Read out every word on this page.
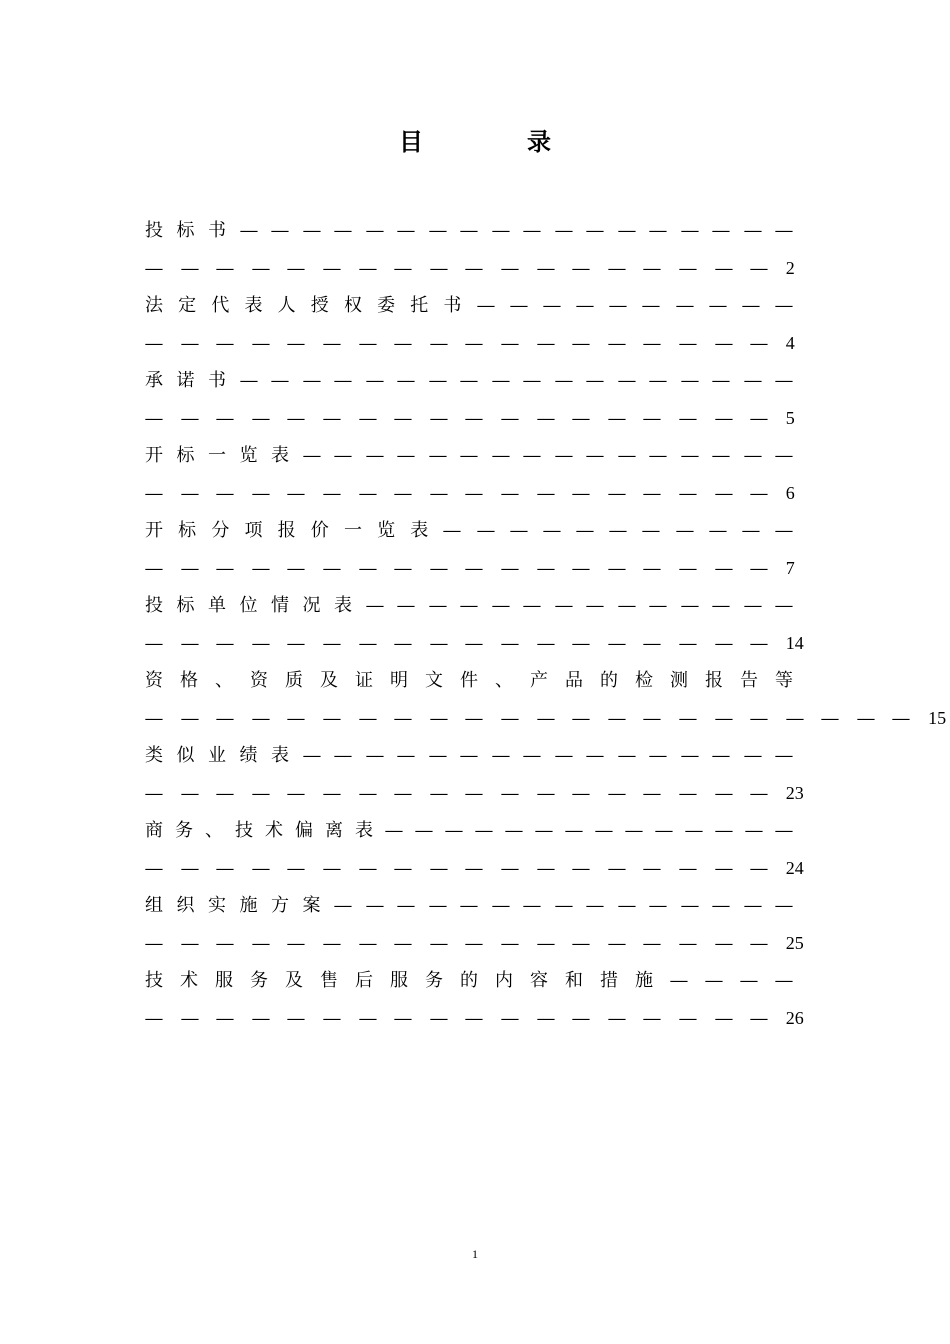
目　录
投 标 书 — — — — — — — — — — — — — — — — — —
— — — — — — — — — — — — — — — — — — 2
法 定 代 表 人 授 权 委 托 书 — — — — — — — — — —
— — — — — — — — — — — — — — — — — — 4
承 诺 书 — — — — — — — — — — — — — — — — — —
— — — — — — — — — — — — — — — — — — 5
开 标 一 览 表 — — — — — — — — — — — — — — — —
— — — — — — — — — — — — — — — — — — 6
开 标 分 项 报 价 一 览 表 — — — — — — — — — — —
— — — — — — — — — — — — — — — — — — 7
投 标 单 位 情 况 表 — — — — — — — — — — — — — —
— — — — — — — — — — — — — — — — — — 14
资 格 、 资 质 及 证 明 文 件 、 产 品 的 检 测 报 告 等
— — — — — — — — — — — — — — — — — — — — — — 15
类 似 业 绩 表 — — — — — — — — — — — — — — — —
— — — — — — — — — — — — — — — — — — 23
商 务 、 技 术 偏 离 表 — — — — — — — — — — — — — —
— — — — — — — — — — — — — — — — — — 24
组 织 实 施 方 案 — — — — — — — — — — — — — — —
— — — — — — — — — — — — — — — — — — 25
技 术 服 务 及 售 后 服 务 的 内 容 和 措 施 — — — —
— — — — — — — — — — — — — — — — — — 26
1
